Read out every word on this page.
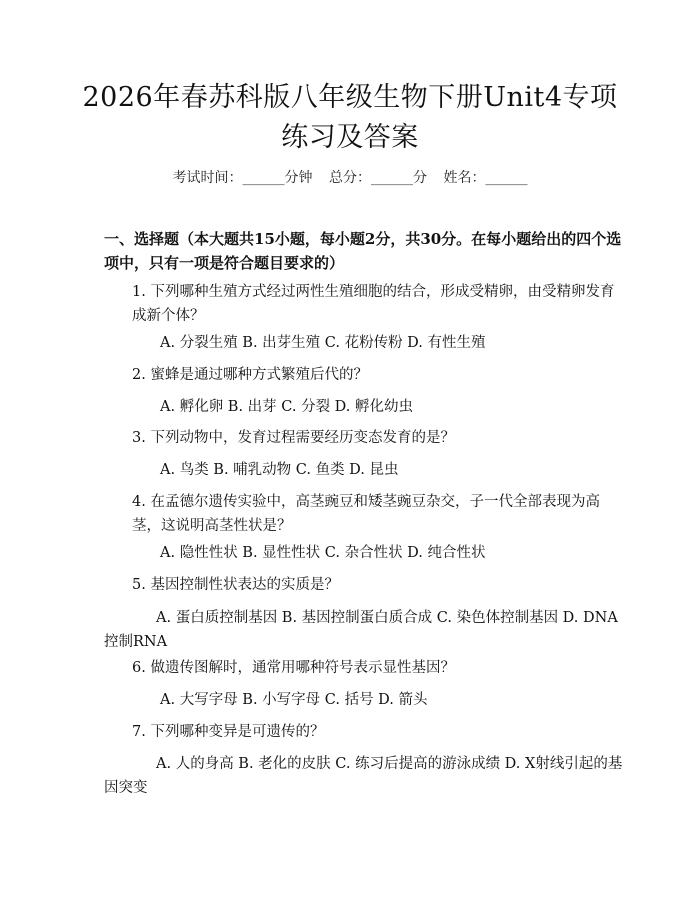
2026年春苏科版八年级生物下册Unit4专项
练习及答案
考试时间：______分钟 总分：______分 姓名：______
一、选择题（本大题共15小题，每小题2分，共30分。在每小题给出的四个选项中，只有一项是符合题目要求的）
1. 下列哪种生殖方式经过两性生殖细胞的结合，形成受精卵，由受精卵发育成新个体？
A. 分裂生殖 B. 出芽生殖 C. 花粉传粉 D. 有性生殖
2. 蜜蜂是通过哪种方式繁殖后代的？
A. 孵化卵 B. 出芽 C. 分裂 D. 孵化幼虫
3. 下列动物中，发育过程需要经历变态发育的是？
A. 鸟类 B. 哺乳动物 C. 鱼类 D. 昆虫
4. 在孟德尔遗传实验中，高茎豌豆和矮茎豌豆杂交，子一代全部表现为高茎，这说明高茎性状是？
A. 隐性性状 B. 显性性状 C. 杂合性状 D. 纯合性状
5. 基因控制性状表达的实质是？
A. 蛋白质控制基因 B. 基因控制蛋白质合成 C. 染色体控制基因 D. DNA控制RNA
6. 做遗传图解时，通常用哪种符号表示显性基因？
A. 大写字母 B. 小写字母 C. 括号 D. 箭头
7. 下列哪种变异是可遗传的？
A. 人的身高 B. 老化的皮肤 C. 练习后提高的游泳成绩 D. X射线引起的基因突变
